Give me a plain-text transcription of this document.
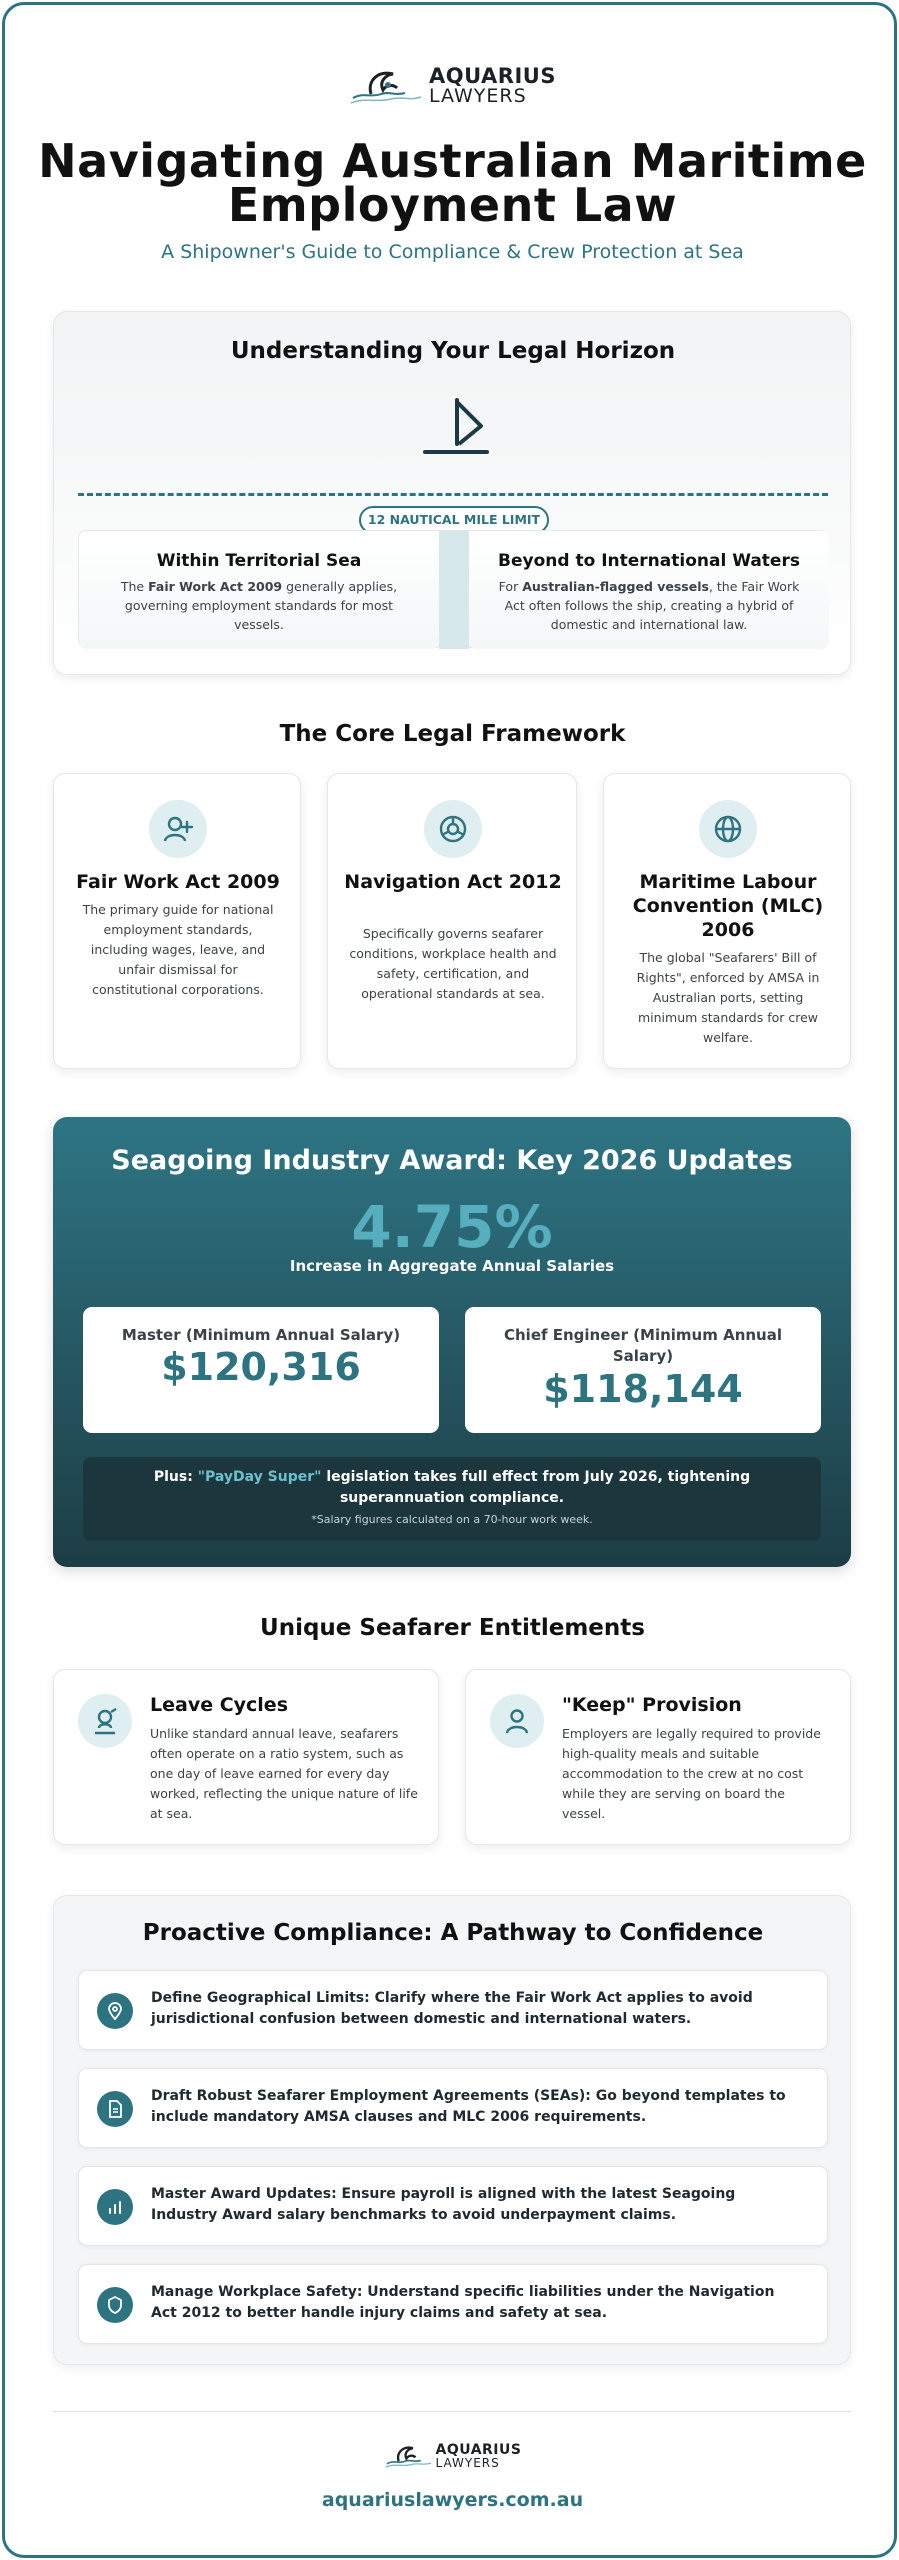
AQUARIUS
LAWYERS
Navigating Australian Maritime
Employment Law
A Shipowner's Guide to Compliance & Crew Protection at Sea
Understanding Your Legal Horizon
12 NAUTICAL MILE LIMIT
Within Territorial Sea
The Fair Work Act 2009 generally applies, governing employment standards for most vessels.
Beyond to International Waters
For Australian-flagged vessels, the Fair Work Act often follows the ship, creating a hybrid of domestic and international law.
The Core Legal Framework
Fair Work Act 2009
The primary guide for national employment standards, including wages, leave, and unfair dismissal for constitutional corporations.
Navigation Act 2012
Specifically governs seafarer conditions, workplace health and safety, certification, and operational standards at sea.
Maritime Labour Convention (MLC) 2006
The global "Seafarers' Bill of Rights", enforced by AMSA in Australian ports, setting minimum standards for crew welfare.
Seagoing Industry Award: Key 2026 Updates
4.75%
Increase in Aggregate Annual Salaries
Master (Minimum Annual Salary)
$120,316
Chief Engineer (Minimum Annual Salary)
$118,144
Plus: "PayDay Super" legislation takes full effect from July 2026, tightening superannuation compliance.
*Salary figures calculated on a 70-hour work week.
Unique Seafarer Entitlements
Leave Cycles
Unlike standard annual leave, seafarers often operate on a ratio system, such as one day of leave earned for every day worked, reflecting the unique nature of life at sea.
"Keep" Provision
Employers are legally required to provide high-quality meals and suitable accommodation to the crew at no cost while they are serving on board the vessel.
Proactive Compliance: A Pathway to Confidence
Define Geographical Limits: Clarify where the Fair Work Act applies to avoid jurisdictional confusion between domestic and international waters.
Draft Robust Seafarer Employment Agreements (SEAs): Go beyond templates to include mandatory AMSA clauses and MLC 2006 requirements.
Master Award Updates: Ensure payroll is aligned with the latest Seagoing Industry Award salary benchmarks to avoid underpayment claims.
Manage Workplace Safety: Understand specific liabilities under the Navigation Act 2012 to better handle injury claims and safety at sea.
AQUARIUS
LAWYERS
aquariuslawyers.com.au
